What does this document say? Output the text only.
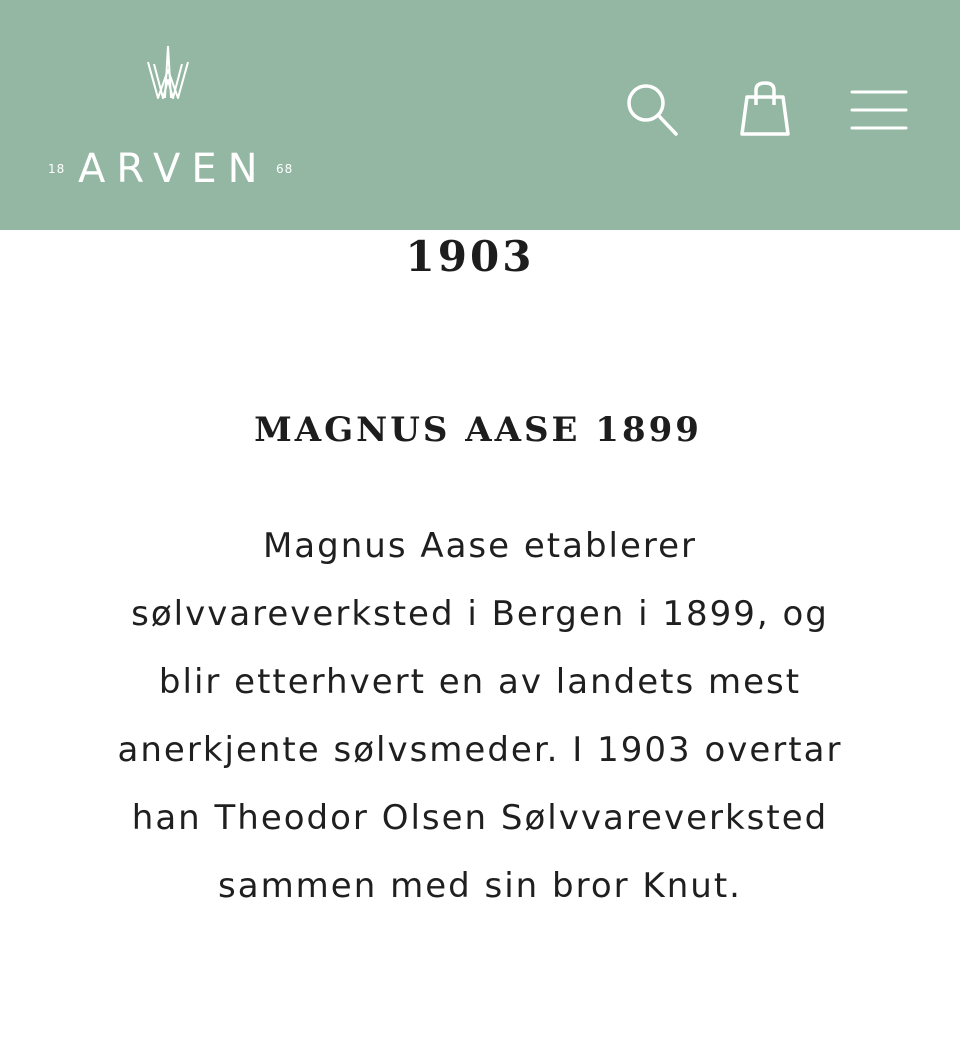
18 ARVEN 68
1903
MAGNUS AASE 1899

Magnus Aase etablerer sølvvareverksted i Bergen i 1899, og blir etterhvert en av landets mest anerkjente sølvsmeder. I 1903 overtar han Theodor Olsen Sølvvareverksted sammen med sin bror Knut.
